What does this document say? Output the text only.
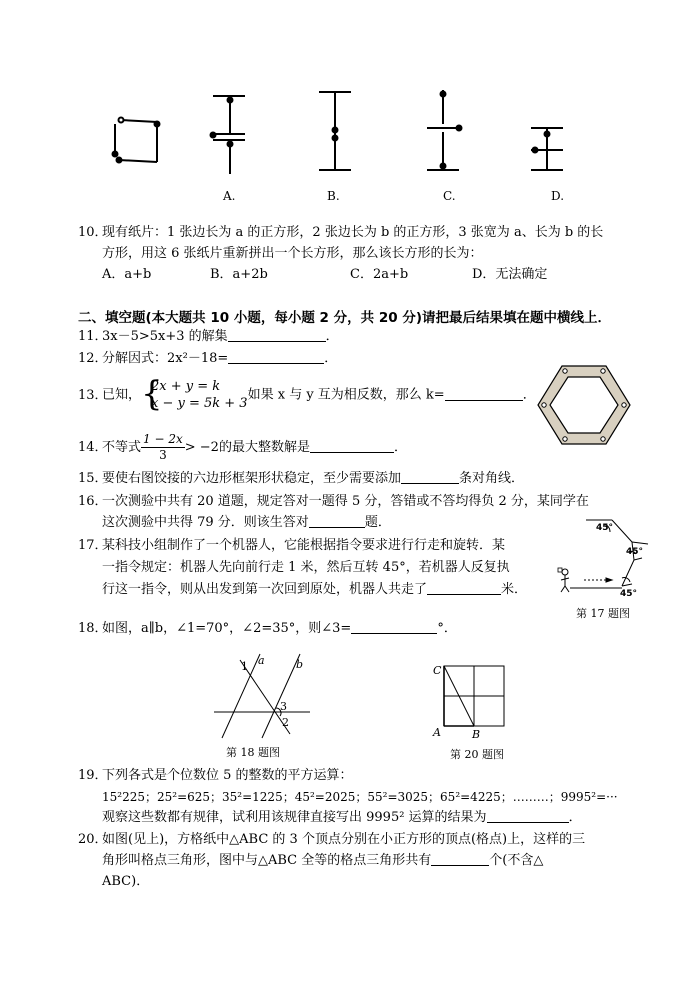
A.	B.	C.	D.
10．现有纸片：1 张边长为 a 的正方形，2 张边长为 b 的正方形，3 张宽为 a、长为 b 的长
方形，用这 6 张纸片重新拼出一个长方形，那么该长方形的长为：
A．a+b	B．a+2b	C．2a+b	D．无法确定
二、填空题(本大题共 10 小题，每小题 2 分，共 20 分)请把最后结果填在题中横线上．
11．3x－5>5x+3 的解集	．
12．分解因式：2x²－18=	．
13．已知， {
2x + y = k
x − y = 5k + 3
如果 x 与 y 互为相反数，那么 k=	．
14．不等式 $\frac{1 - 2x}{3} > -2$的最大整数解是	．
15．要使右图饺接的六边形框架形状稳定，至少需要添加	条对角线．
16．一次测验中共有 20 道题，规定答对一题得 5 分，答错或不答均得负 2 分，某同学在
这次测验中共得 79 分．则该生答对	题．
17．某科技小组制作了一个机器人，它能根据指令要求进行行走和旋转．某
一指令规定：机器人先向前行走 1 米，然后互转 45°，若机器人反复执
行这一指令，则从出发到第一次回到原处，机器人共走了	米．
45°
45°
45°
第 17 题图
18．如图，a∥b，∠1=70°，∠2=35°，则∠3=	°．
1 a	b
3
2
第 18 题图
C
A	B
第 20 题图
19．下列各式是个位数位 5 的整数的平方运算：
15²225；25²=625；35²=1225；45²=2025；55²=3025；65²=4225；………；9995²=···
观察这些数都有规律，试利用该规律直接写出 9995² 运算的结果为	．
20．如图(见上)，方格纸中△ABC 的 3 个顶点分别在小正方形的顶点(格点)上，这样的三
角形叫格点三角形，图中与△ABC 全等的格点三角形共有	个(不含△
ABC)．
